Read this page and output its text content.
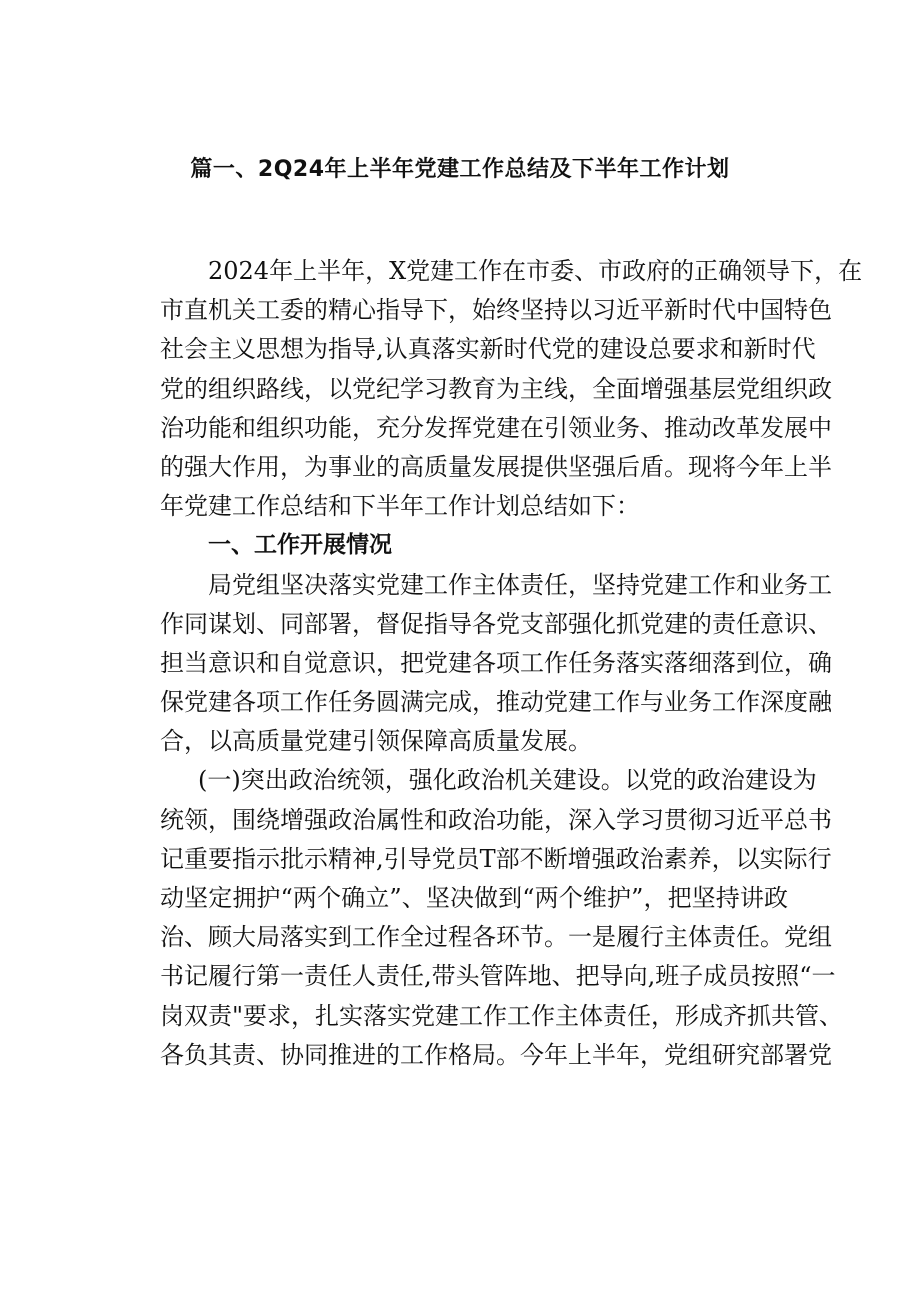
篇一、2Q24年上半年党建工作总结及下半年工作计划
2024年上半年，X党建工作在市委、市政府的正确领导下，在
市直机关工委的精心指导下，始终坚持以习近平新时代中国特色
社会主义思想为指导,认真落实新时代党的建设总要求和新时代
党的组织路线，以党纪学习教育为主线，全面增强基层党组织政
治功能和组织功能，充分发挥党建在引领业务、推动改革发展中
的强大作用，为事业的高质量发展提供坚强后盾。现将今年上半
年党建工作总结和下半年工作计划总结如下：
一、工作开展情况
局党组坚决落实党建工作主体责任，坚持党建工作和业务工
作同谋划、同部署，督促指导各党支部强化抓党建的责任意识、
担当意识和自觉意识，把党建各项工作任务落实落细落到位，确
保党建各项工作任务圆满完成，推动党建工作与业务工作深度融
合，以高质量党建引领保障高质量发展。
(一)突出政治统领，强化政治机关建设。以党的政治建设为
统领，围绕增强政治属性和政治功能，深入学习贯彻习近平总书
记重要指示批示精神,引导党员T部不断增强政治素养，以实际行
动坚定拥护“两个确立”、坚决做到“两个维护”，把坚持讲政
治、顾大局落实到工作全过程各环节。一是履行主体责任。党组
书记履行第一责任人责任,带头管阵地、把导向,班子成员按照“一
岗双责"要求，扎实落实党建工作工作主体责任，形成齐抓共管、
各负其责、协同推进的工作格局。今年上半年，党组研究部署党
